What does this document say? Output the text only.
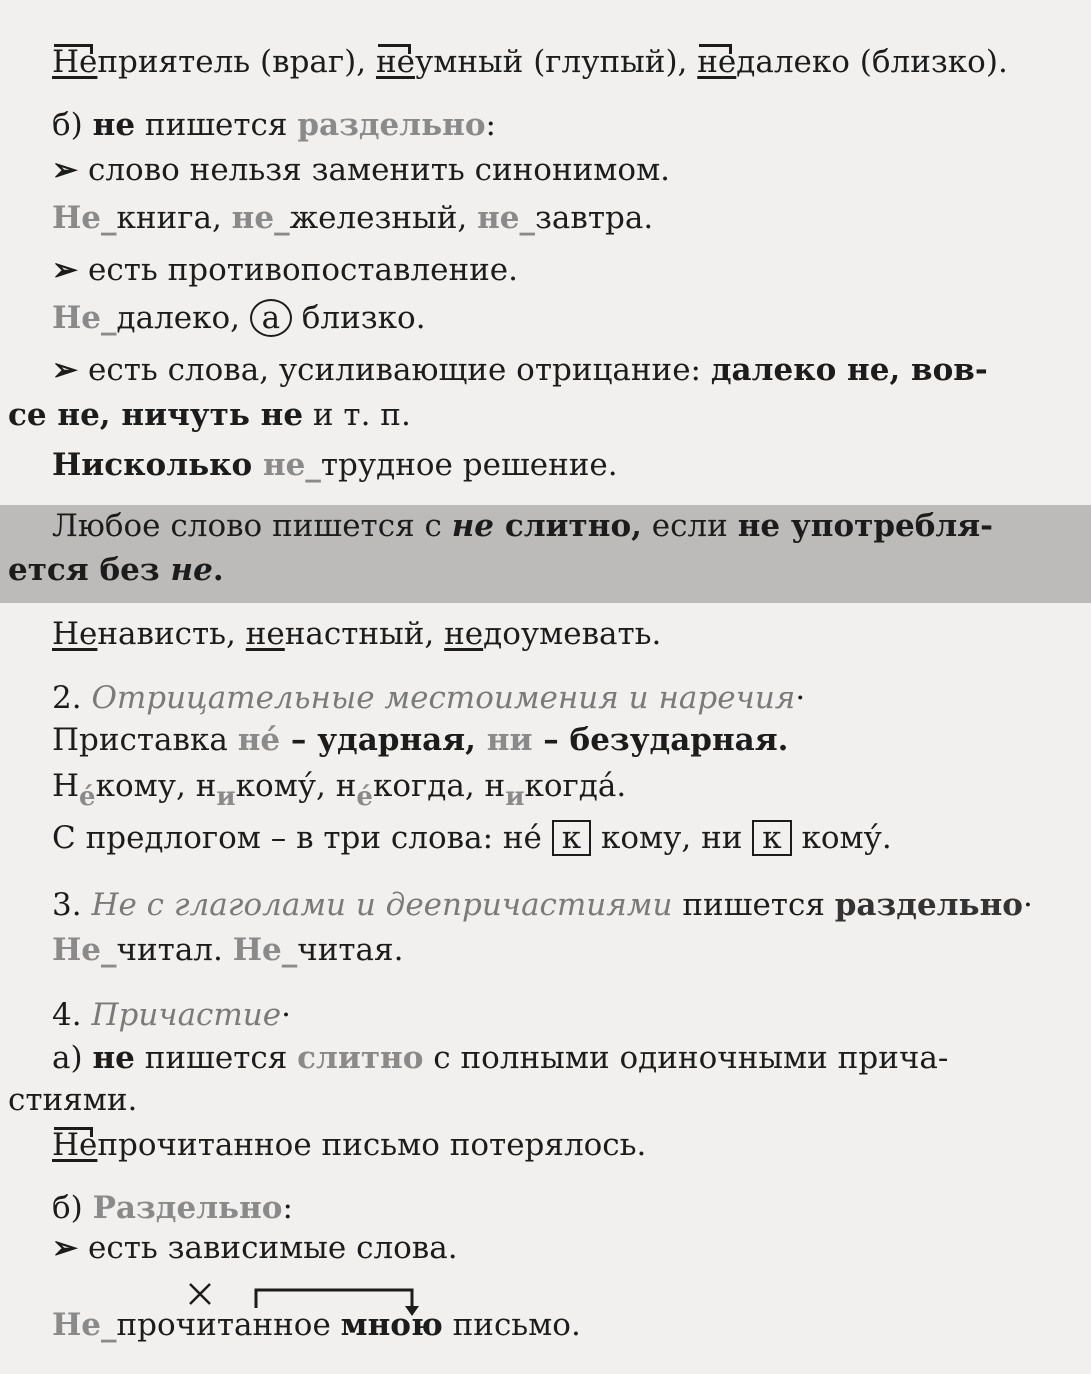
Неприятель (враг), неумный (глупый), недалеко (близко).
б) не пишется раздельно:
➢ слово нельзя заменить синонимом.
Не_книга, не_железный, не_завтра.
➢ есть противопоставление.
Не_далеко, а близко.
➢ есть слова, усиливающие отрицание: далеко не, вов-
се не, ничуть не и т. п.
Нисколько не_трудное решение.
Любое слово пишется с не слитно, если не употребля-
ется без не.
Ненависть, ненастный, недоумевать.
2. Отрицательные местоимения и наречия·
Приставка не́ – ударная, ни – безударная.
$Н_{е́}кому$, $н_икому́$, $н_{е́}когда$, $н_икогда́$.
С предлогом – в три слова: не́ к кому, ни к кому́.
3. Не с глаголами и деепричастиями пишется раздельно·
Не_читал. Не_читая.
4. Причастие·
а) не пишется слитно с полными одиночными прича-
стиями.
Непрочитанное письмо потерялось.
б) Раздельно:
➢ есть зависимые слова.
Не_прочитанное мною письмо.
